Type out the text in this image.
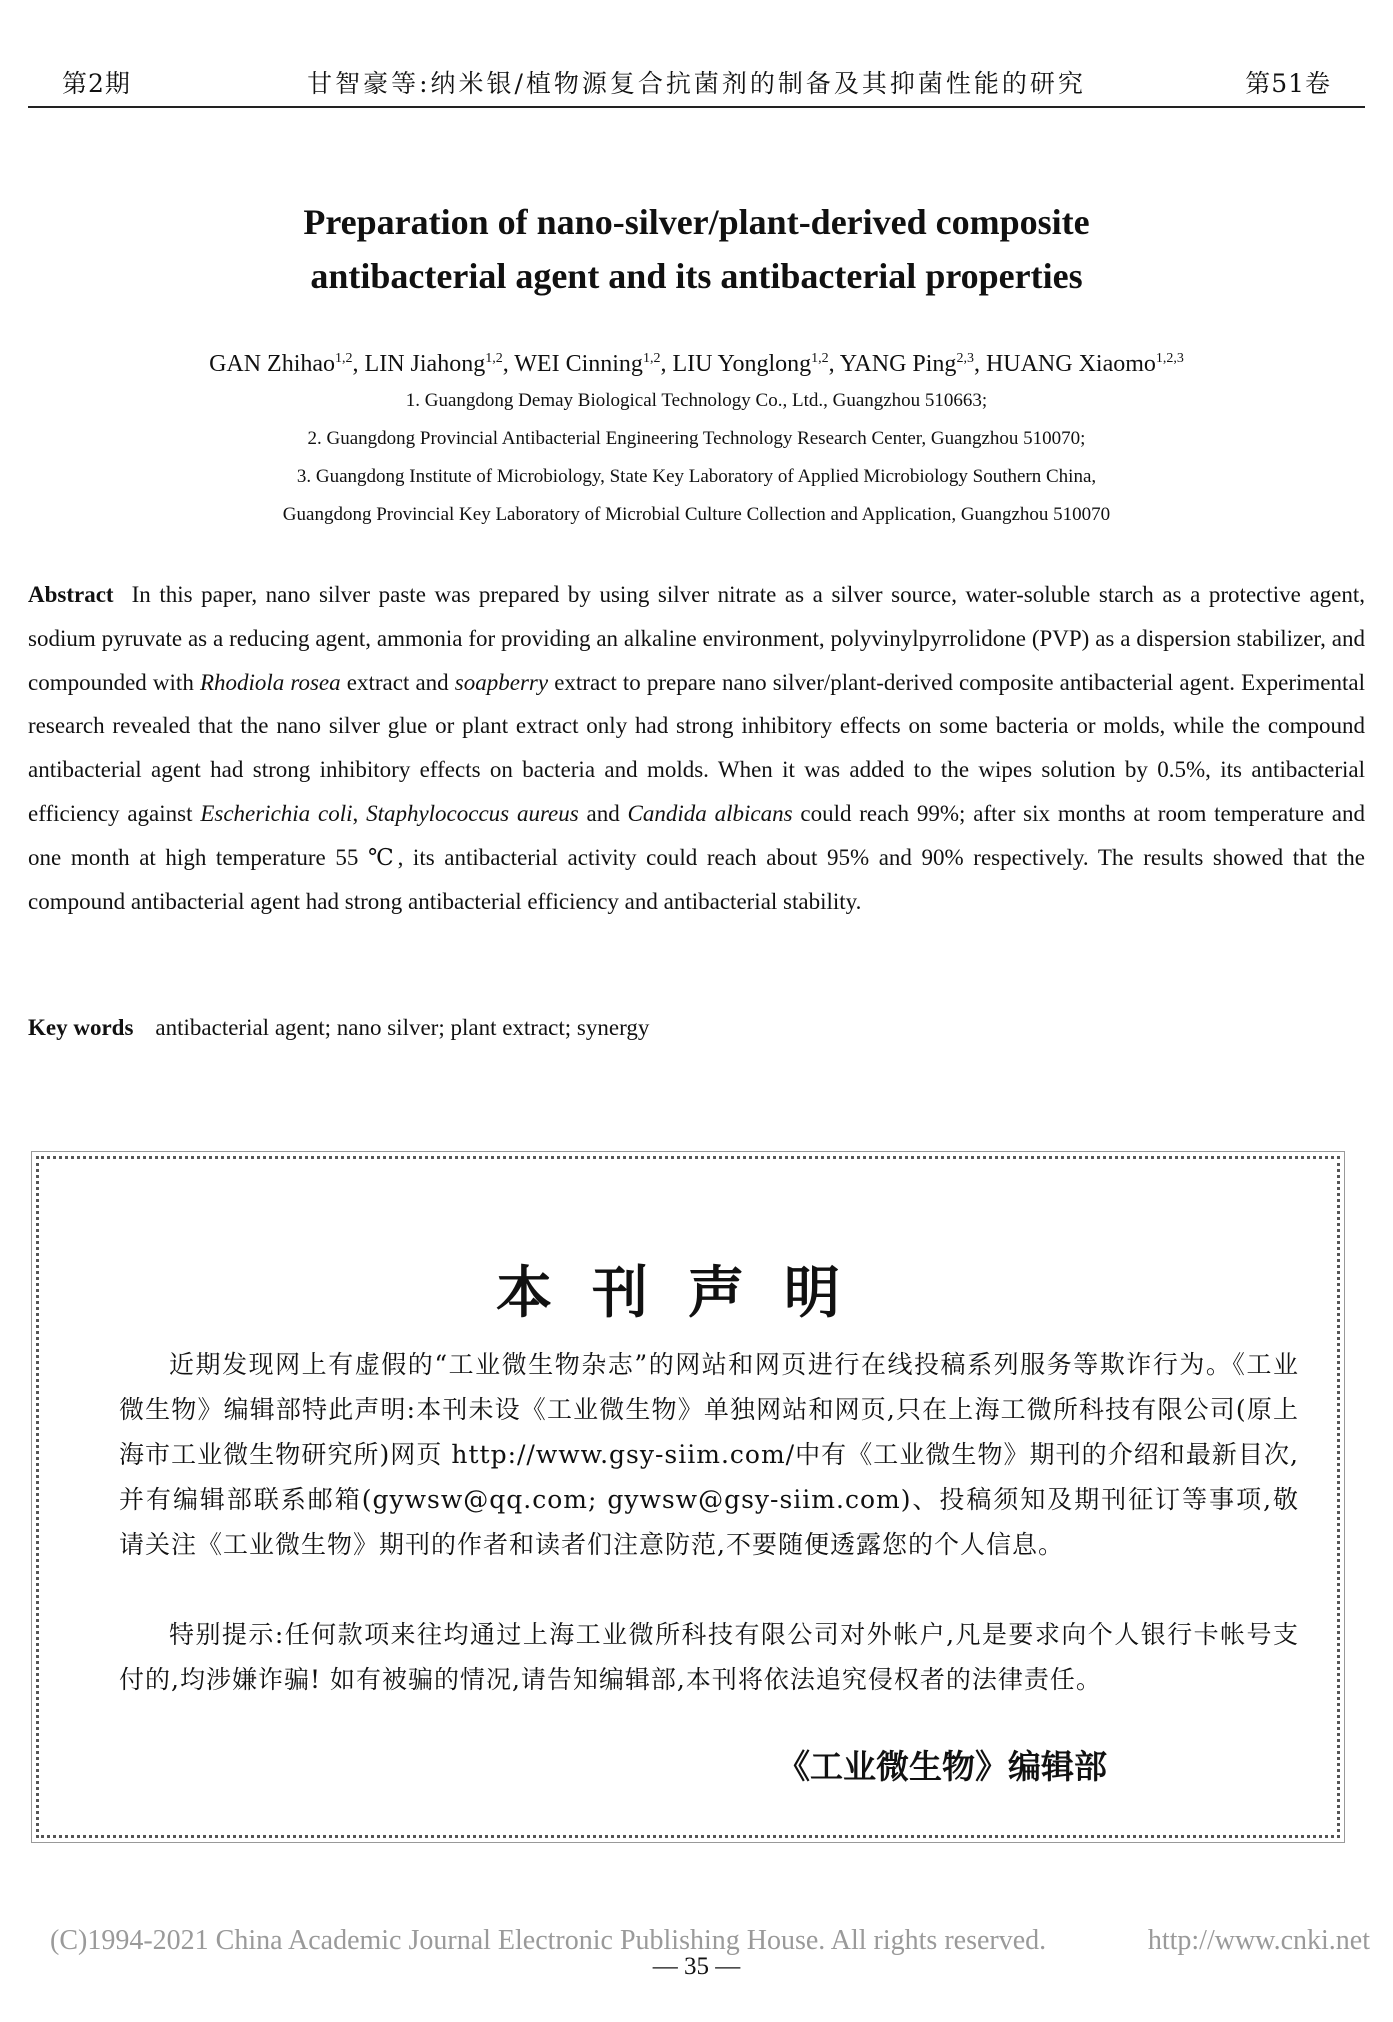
第2期	甘智豪等:纳米银/植物源复合抗菌剂的制备及其抑菌性能的研究	第51卷
Preparation of nano-silver/plant-derived composite
antibacterial agent and its antibacterial properties
GAN Zhihao$^{1,2}$, LIN Jiahong$^{1,2}$, WEI Cinning$^{1,2}$, LIU Yonglong$^{1,2}$, YANG Ping$^{2,3}$, HUANG Xiaomo$^{1,2,3}$
1. Guangdong Demay Biological Technology Co., Ltd., Guangzhou 510663;
2. Guangdong Provincial Antibacterial Engineering Technology Research Center, Guangzhou 510070;
3. Guangdong Institute of Microbiology, State Key Laboratory of Applied Microbiology Southern China,
Guangdong Provincial Key Laboratory of Microbial Culture Collection and Application, Guangzhou 510070
Abstract In this paper, nano silver paste was prepared by using silver nitrate as a silver source, water-soluble starch as a protective agent, sodium pyruvate as a reducing agent, ammonia for providing an alkaline environment, polyvinylpyrrolidone (PVP) as a dispersion stabilizer, and compounded with Rhodiola rosea extract and soapberry extract to prepare nano silver/plant-derived composite antibacterial agent. Experimental research revealed that the nano silver glue or plant extract only had strong inhibitory effects on some bacteria or molds, while the compound antibacterial agent had strong inhibitory effects on bacteria and molds. When it was added to the wipes solution by 0.5%, its antibacterial efficiency against Escherichia coli, Staphylococcus aureus and Candida albicans could reach 99%; after six months at room temperature and one month at high temperature 55 ℃, its antibacterial activity could reach about 95% and 90% respectively. The results showed that the compound antibacterial agent had strong antibacterial efficiency and antibacterial stability.
Key words antibacterial agent; nano silver; plant extract; synergy
本刊声明

近期发现网上有虚假的“工业微生物杂志”的网站和网页进行在线投稿系列服务等欺诈行为。《工业微生物》编辑部特此声明:本刊未设《工业微生物》单独网站和网页,只在上海工微所科技有限公司(原上海市工业微生物研究所)网页 http://www.gsy-siim.com/中有《工业微生物》期刊的介绍和最新目次,并有编辑部联系邮箱(gywsw@qq.com; gywsw@gsy-siim.com)、投稿须知及期刊征订等事项,敬请关注《工业微生物》期刊的作者和读者们注意防范,不要随便透露您的个人信息。

特别提示:任何款项来往均通过上海工业微所科技有限公司对外帐户,凡是要求向个人银行卡帐号支付的,均涉嫌诈骗! 如有被骗的情况,请告知编辑部,本刊将依法追究侵权者的法律责任。

《工业微生物》编辑部
(C)1994-2021 China Academic Journal Electronic Publishing House. All rights reserved.	http://www.cnki.net
— 35 —
